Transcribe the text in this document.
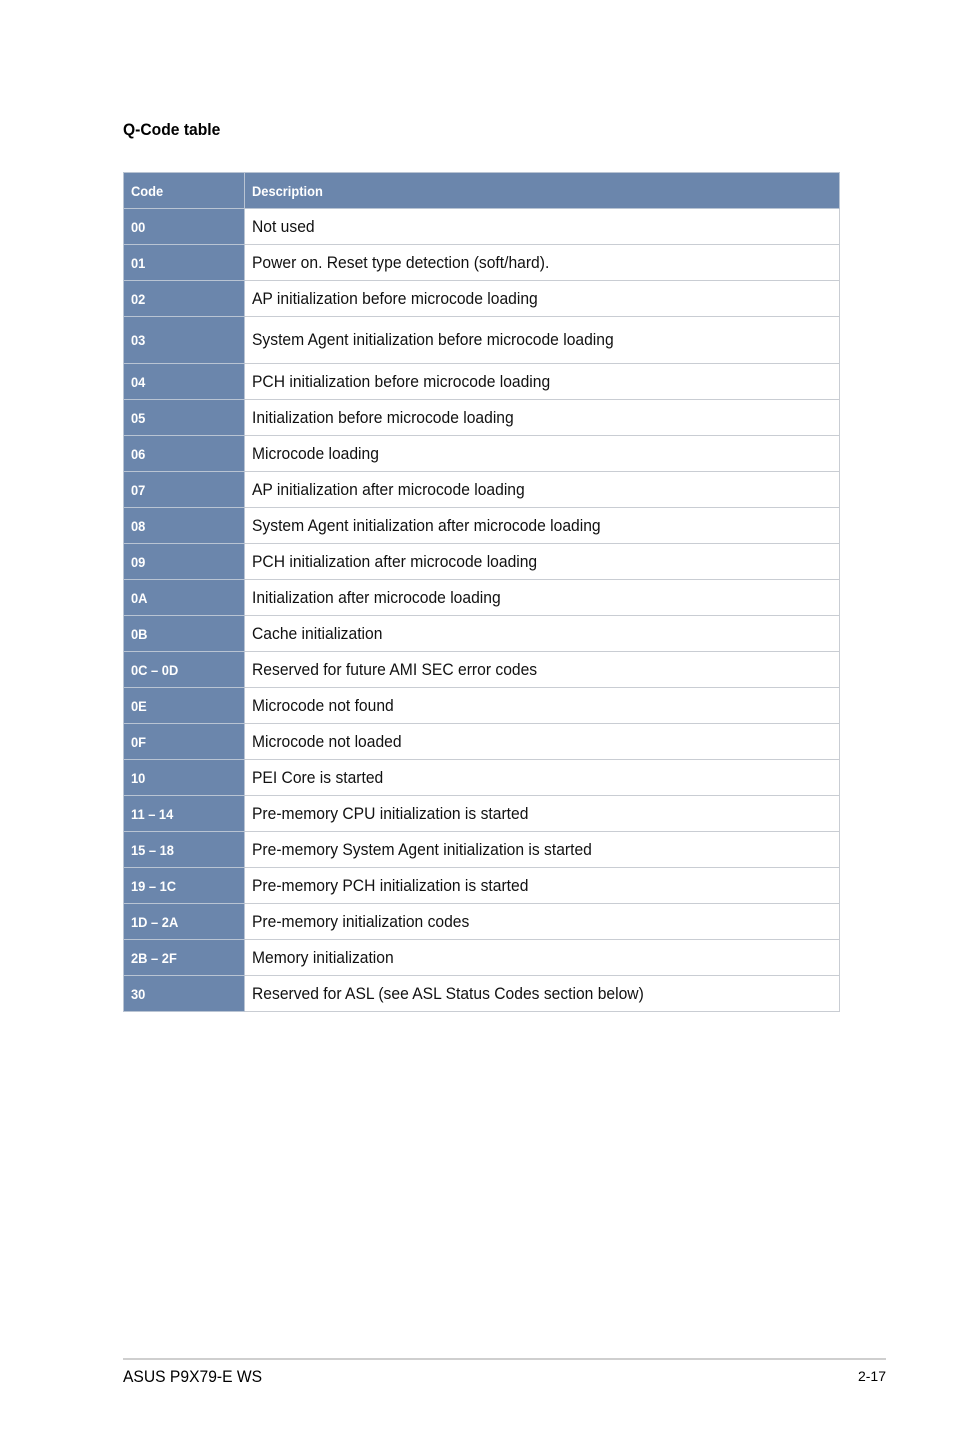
Q-Code table
Code	Description
00	Not used
01	Power on. Reset type detection (soft/hard).
02	AP initialization before microcode loading
03	System Agent initialization before microcode loading
04	PCH initialization before microcode loading
05	Initialization before microcode loading
06	Microcode loading
07	AP initialization after microcode loading
08	System Agent initialization after microcode loading
09	PCH initialization after microcode loading
0A	Initialization after microcode loading
0B	Cache initialization
0C – 0D	Reserved for future AMI SEC error codes
0E	Microcode not found
0F	Microcode not loaded
10	PEI Core is started
11 – 14	Pre-memory CPU initialization is started
15 – 18	Pre-memory System Agent initialization is started
19 – 1C	Pre-memory PCH initialization is started
1D – 2A	Pre-memory initialization codes
2B – 2F	Memory initialization
30	Reserved for ASL (see ASL Status Codes section below)
ASUS P9X79-E WS	2-17
